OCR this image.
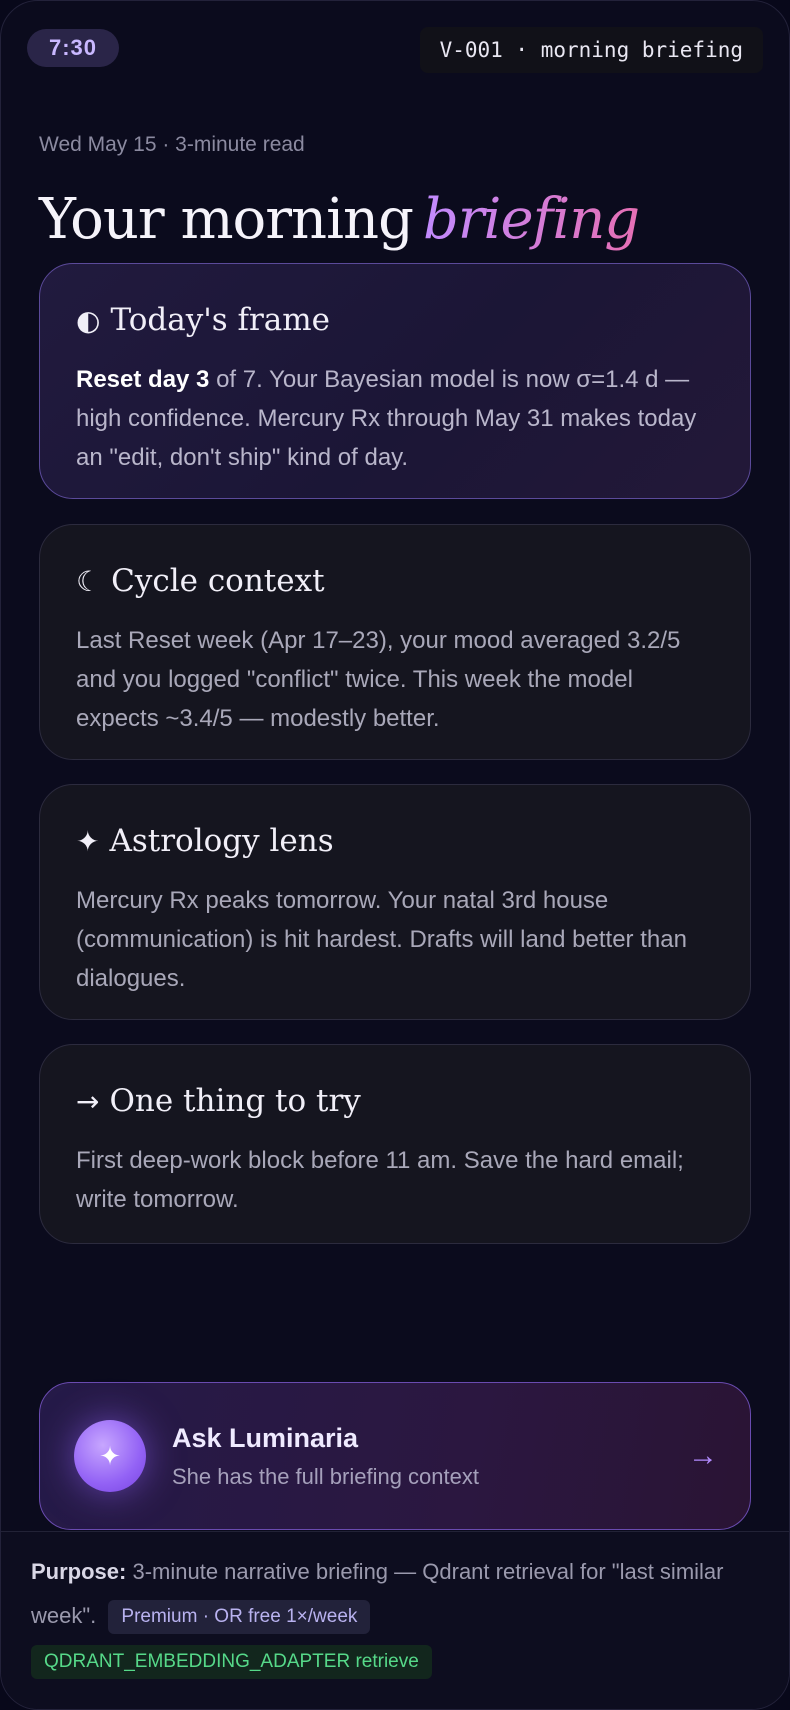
7:30	V-001 · morning briefing
Wed May 15 · 3-minute read
Your morning briefing
◐ Today's frame
Reset day 3 of 7. Your Bayesian model is now σ=1.4 d — high confidence. Mercury Rx through May 31 makes today an "edit, don't ship" kind of day.
☾ Cycle context
Last Reset week (Apr 17–23), your mood averaged 3.2/5 and you logged "conflict" twice. This week the model expects ~3.4/5 — modestly better.
✦ Astrology lens
Mercury Rx peaks tomorrow. Your natal 3rd house (communication) is hit hardest. Drafts will land better than dialogues.
→ One thing to try
First deep-work block before 11 am. Save the hard email; write tomorrow.
✦
Ask Luminaria
She has the full briefing context
→
Purpose: 3-minute narrative briefing — Qdrant retrieval for "last similar week". Premium · OR free 1×/week
QDRANT_EMBEDDING_ADAPTER retrieve
